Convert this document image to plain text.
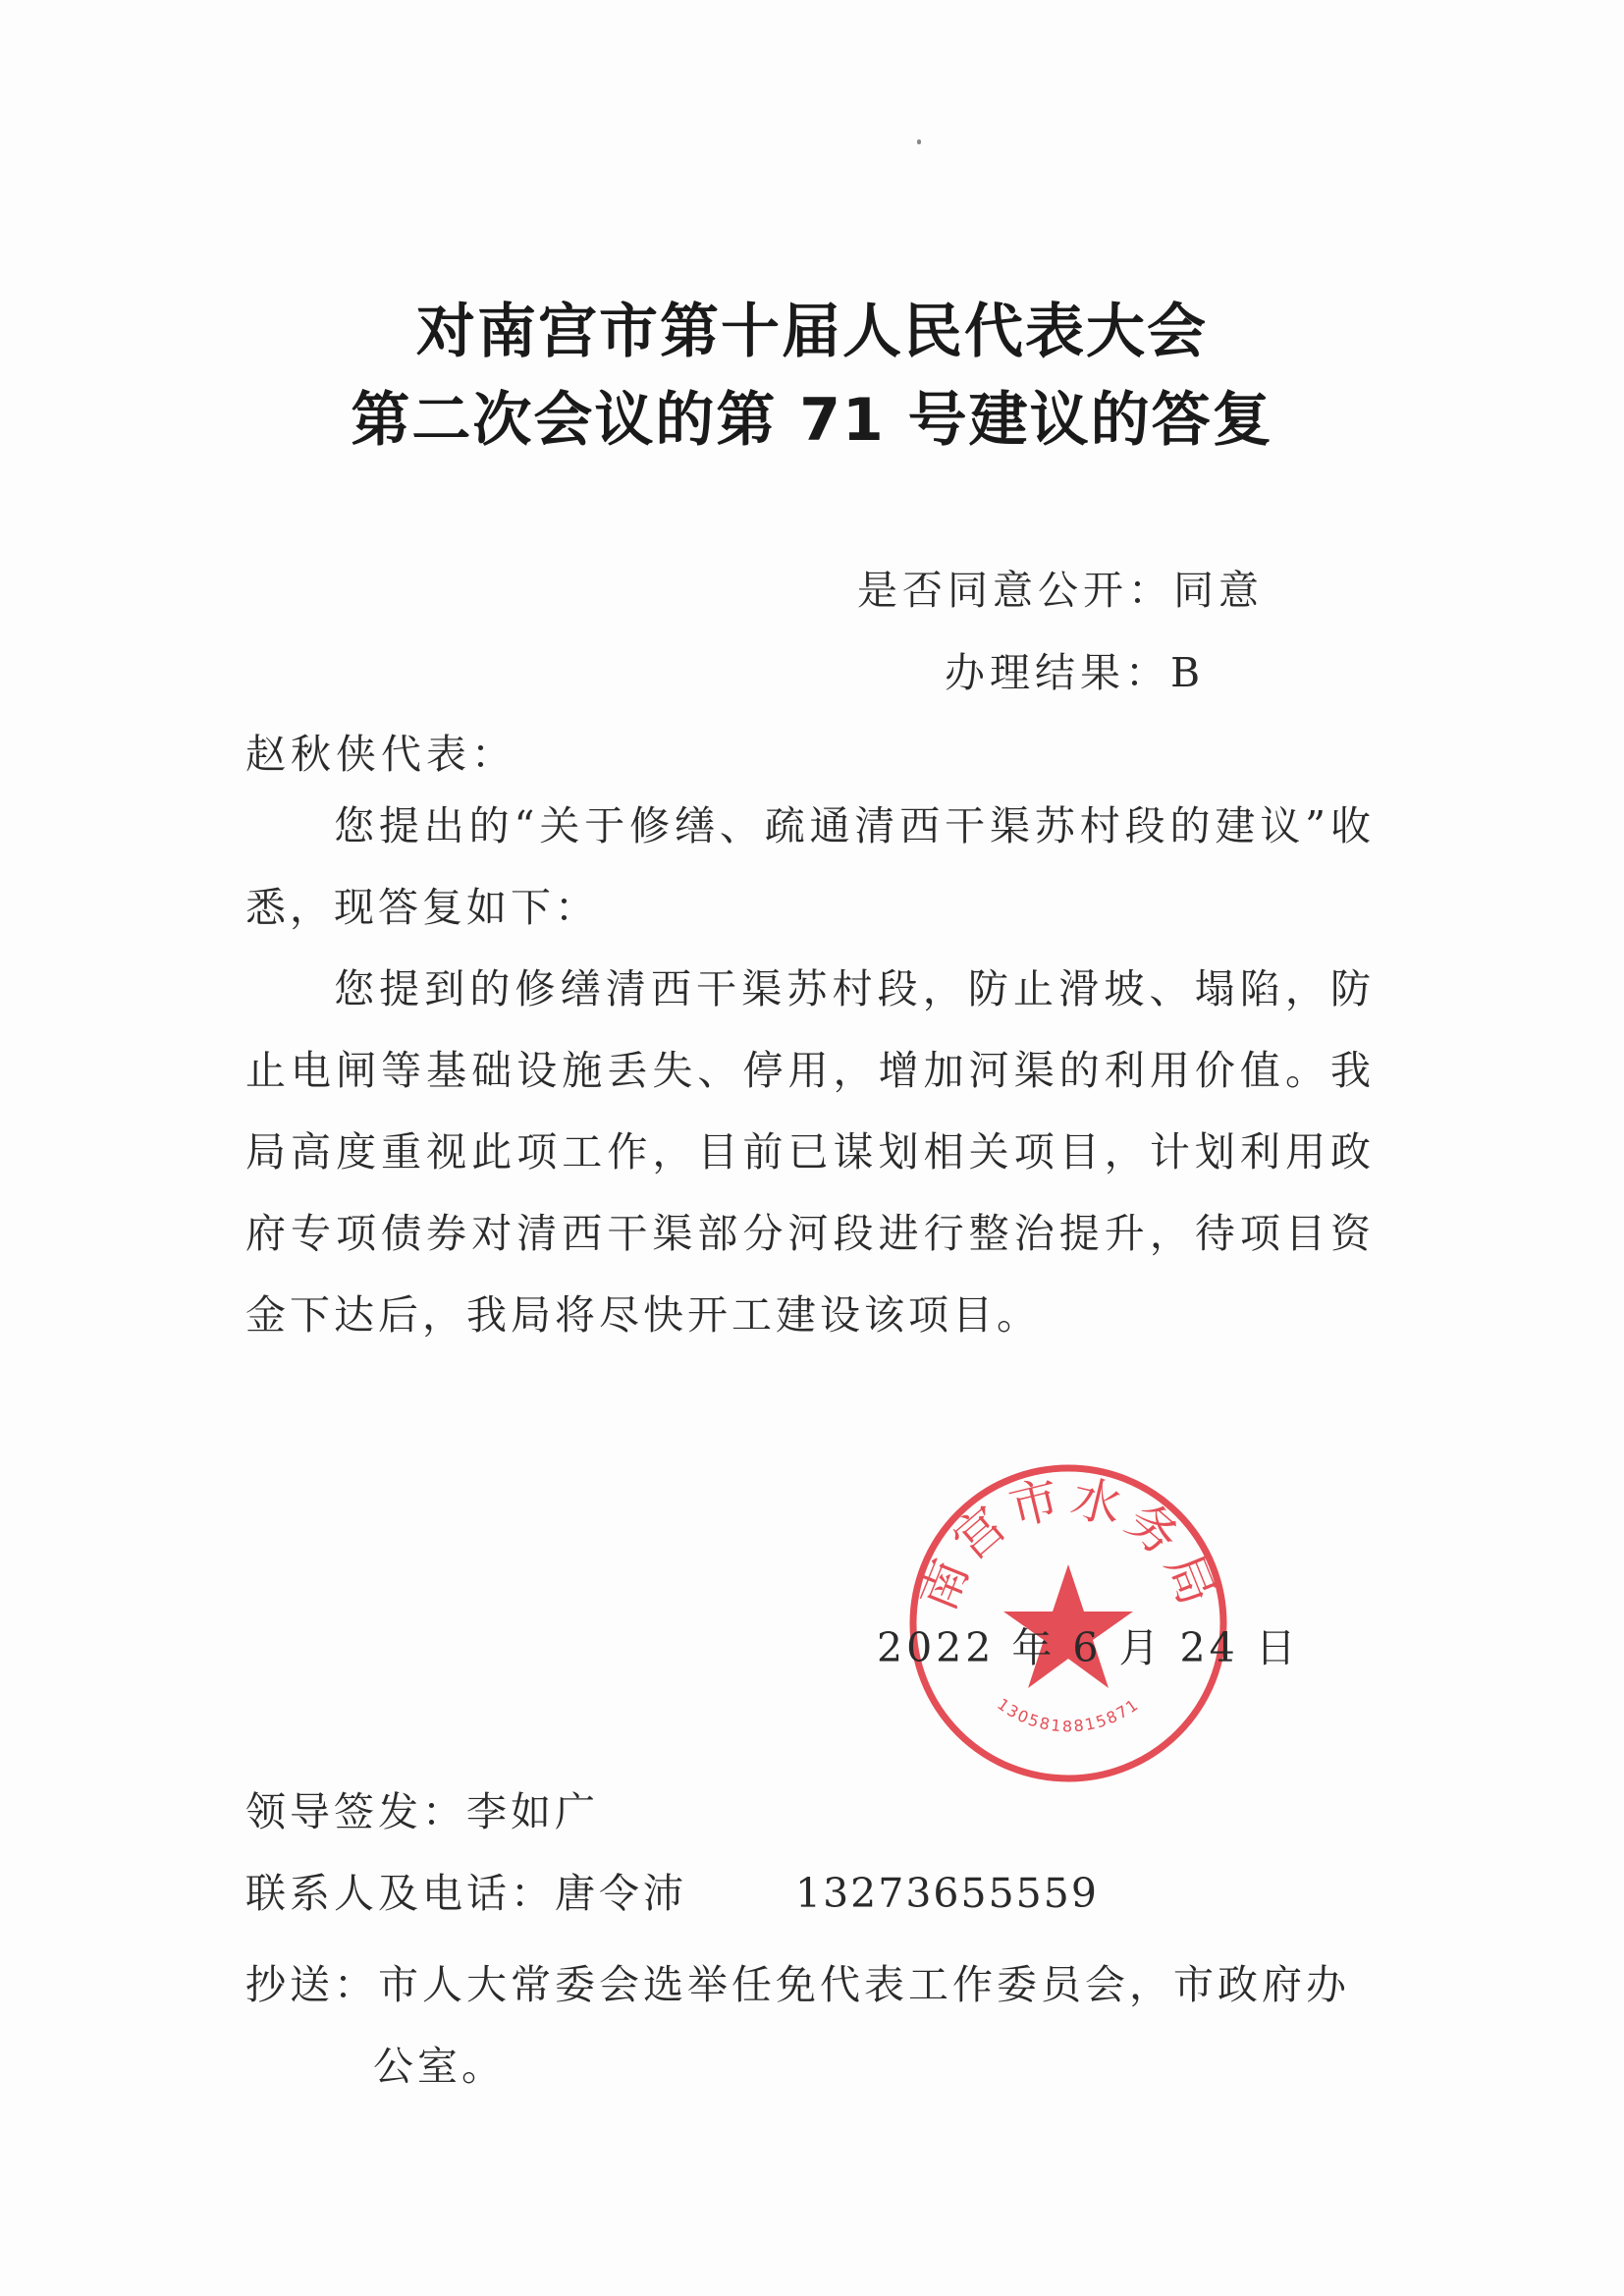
对南宫市第十届人民代表大会
第二次会议的第 71 号建议的答复
是否同意公开：同意
办理结果：B
赵秋侠代表：
您提出的“关于修缮、疏通清西干渠苏村段的建议”收悉，现答复如下：
您提到的修缮清西干渠苏村段，防止滑坡、塌陷，防止电闸等基础设施丢失、停用，增加河渠的利用价值。我局高度重视此项工作，目前已谋划相关项目，计划利用政府专项债券对清西干渠部分河段进行整治提升，待项目资金下达后，我局将尽快开工建设该项目。
南宫市水务局
1305818815871
2022 年 6 月 24 日
领导签发：李如广
联系人及电话：唐令沛	13273655559
抄送：市人大常委会选举任免代表工作委员会，市政府办公室。
